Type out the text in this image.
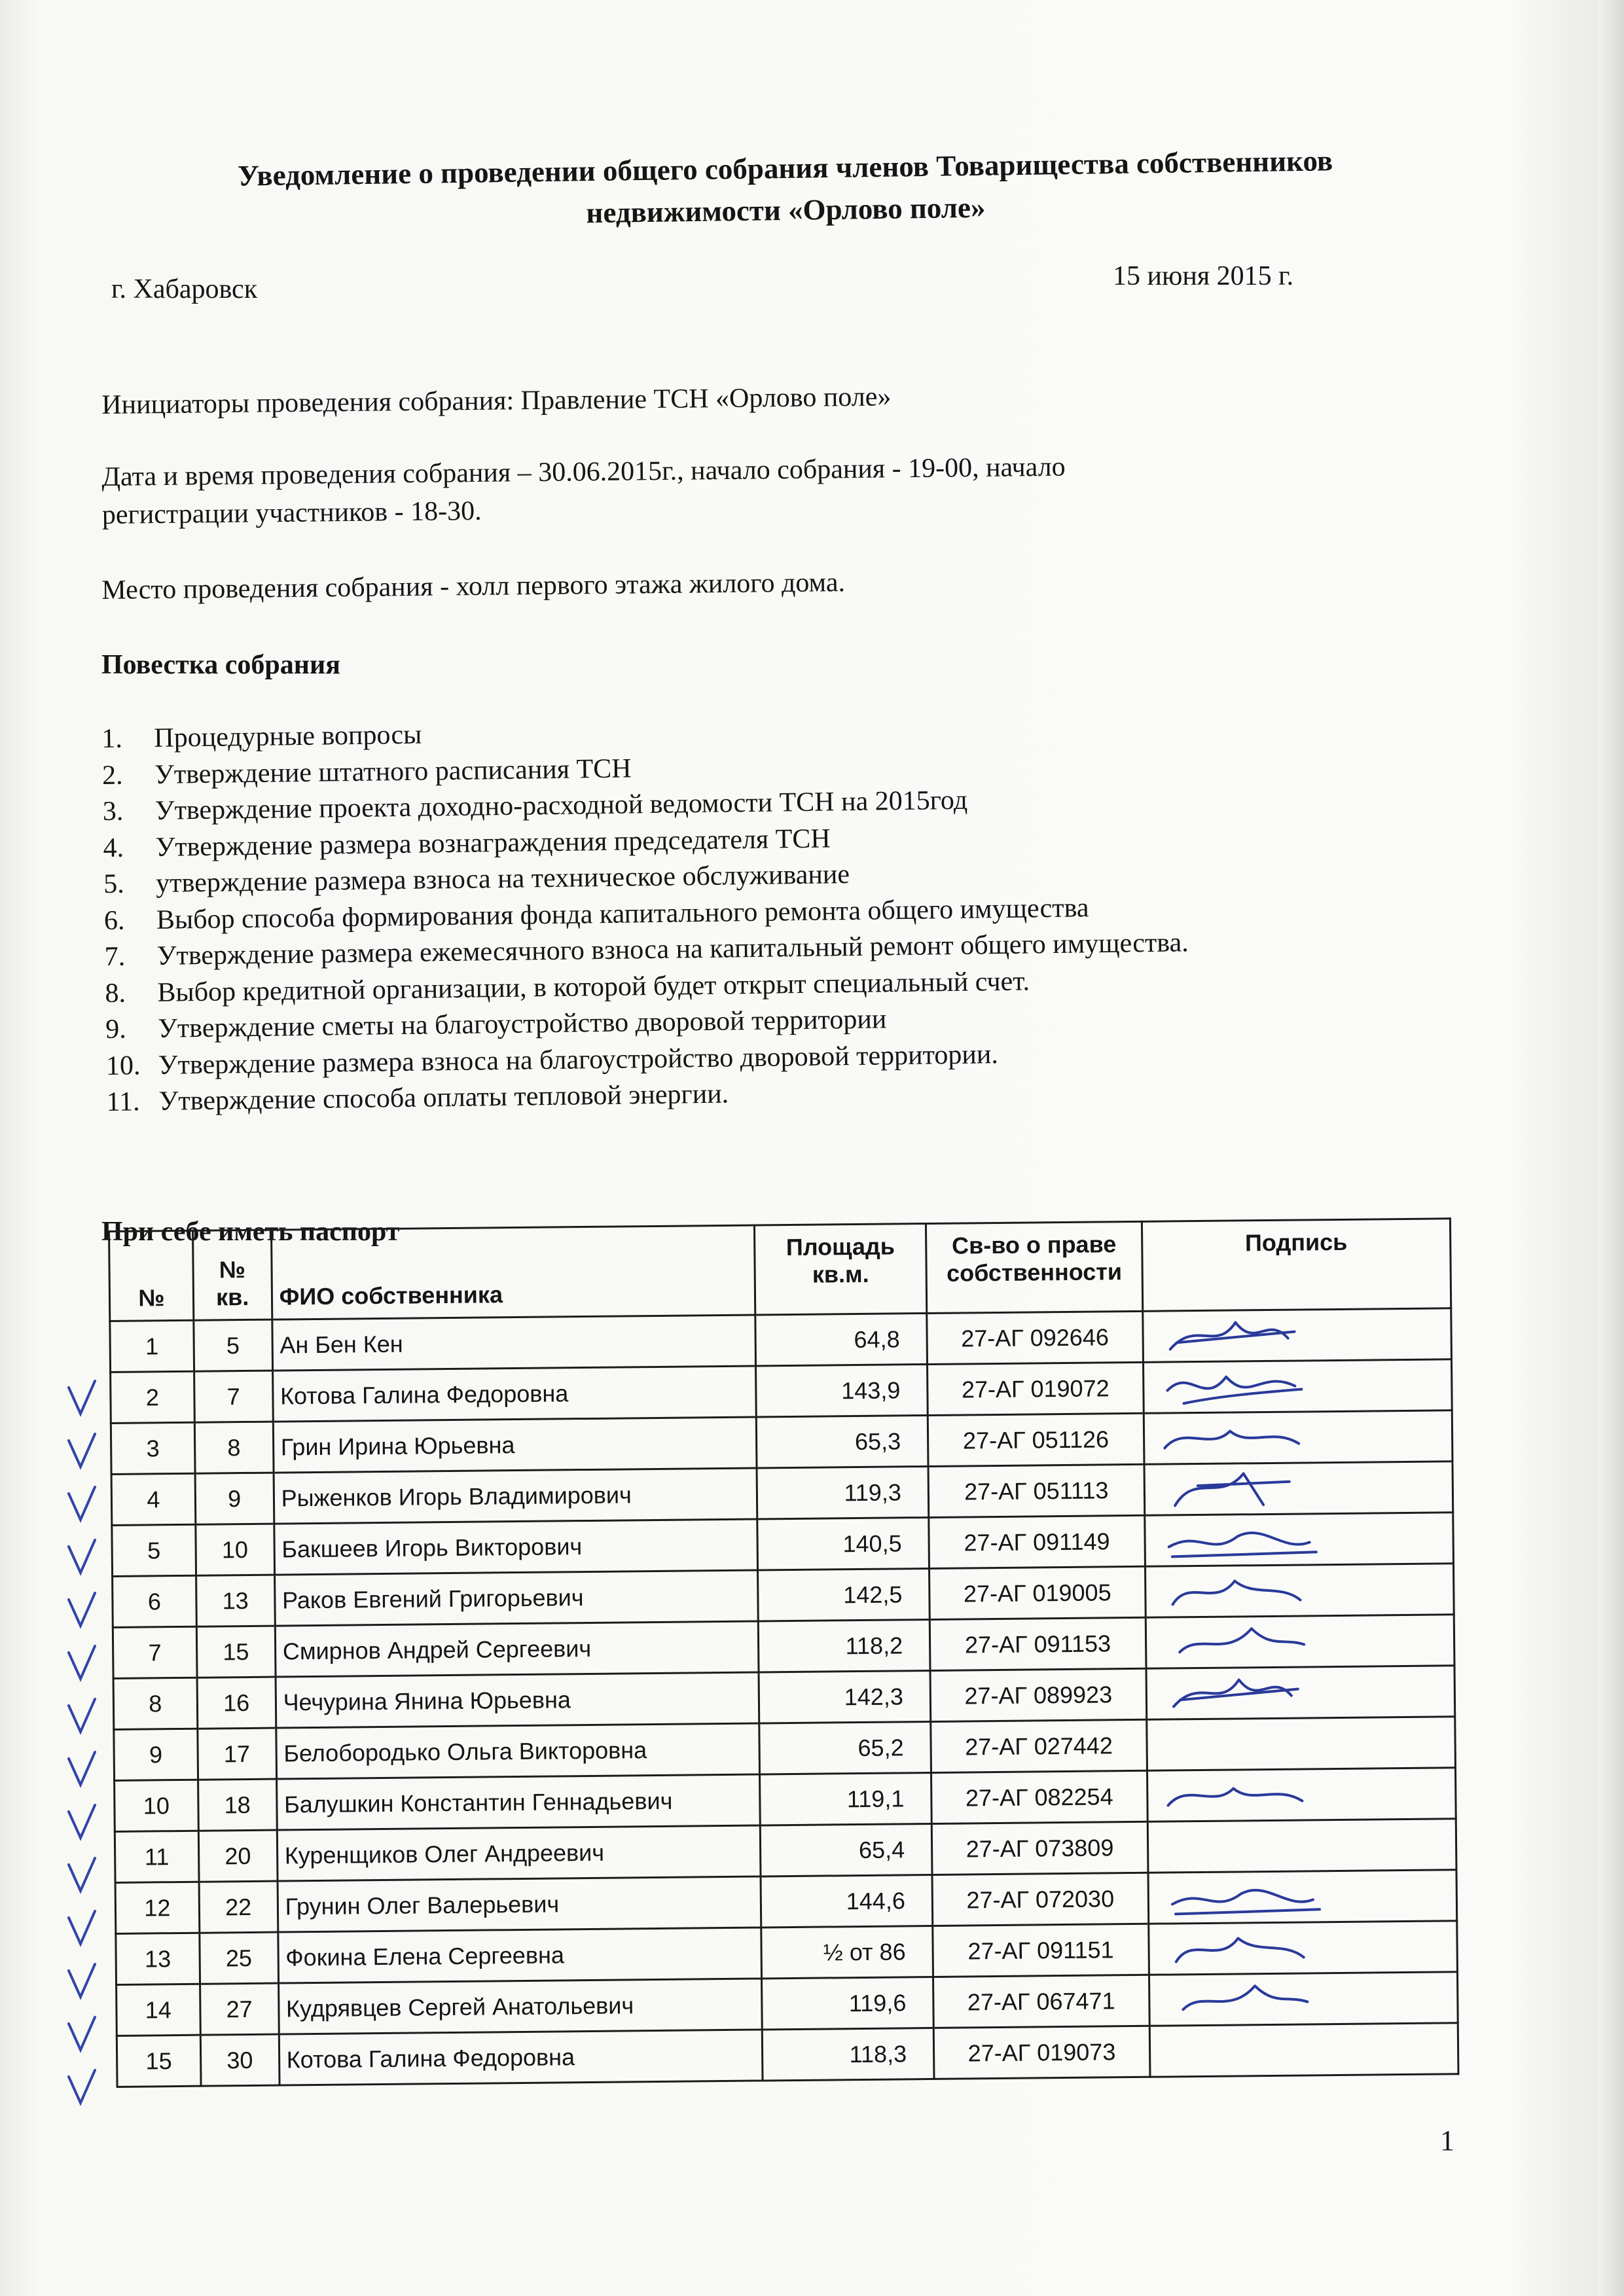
Уведомление о проведении общего собрания членов Товарищества собственников
недвижимости «Орлово поле»
г. Хабаровск	15 июня 2015 г.
Инициаторы проведения собрания: Правление ТСН «Орлово поле»
Дата и время проведения собрания – 30.06.2015г., начало собрания - 19-00, начало
регистрации участников - 18-30.
Место проведения собрания - холл первого этажа жилого дома.
Повестка собрания
1. Процедурные вопросы
2. Утверждение штатного расписания ТСН
3. Утверждение проекта доходно-расходной ведомости ТСН на 2015год
4. Утверждение размера вознаграждения председателя ТСН
5. утверждение размера взноса на техническое обслуживание
6. Выбор способа формирования фонда капитального ремонта общего имущества
7. Утверждение размера ежемесячного взноса на капитальный ремонт общего имущества.
8. Выбор кредитной организации, в которой будет открыт специальный счет.
9. Утверждение сметы на благоустройство дворовой территории
10. Утверждение размера взноса на благоустройство дворовой территории.
11. Утверждение способа оплаты тепловой энергии.
При себе иметь паспорт
№	№ кв.	ФИО собственника	Площадь кв.м.	Св-во о праве собственности	Подпись
1	5	Ан Бен Кен	64,8	27-АГ 092646	

2	7	Котова Галина Федоровна	143,9	27-АГ 019072	

3	8	Грин Ирина Юрьевна	65,3	27-АГ 051126	

4	9	Рыженков Игорь Владимирович	119,3	27-АГ 051113	

5	10	Бакшеев Игорь Викторович	140,5	27-АГ 091149	

6	13	Раков Евгений Григорьевич	142,5	27-АГ 019005	

7	15	Смирнов Андрей Сергеевич	118,2	27-АГ 091153	

8	16	Чечурина Янина Юрьевна	142,3	27-АГ 089923	

9	17	Белобородько Ольга Викторовна	65,2	27-АГ 027442	
10	18	Балушкин Константин Геннадьевич	119,1	27-АГ 082254	

11	20	Куренщиков Олег Андреевич	65,4	27-АГ 073809	
12	22	Грунин Олег Валерьевич	144,6	27-АГ 072030	

13	25	Фокина Елена Сергеевна	½ от 86	27-АГ 091151	

14	27	Кудрявцев Сергей Анатольевич	119,6	27-АГ 067471	

15	30	Котова Галина Федоровна	118,3	27-АГ 019073	
1
